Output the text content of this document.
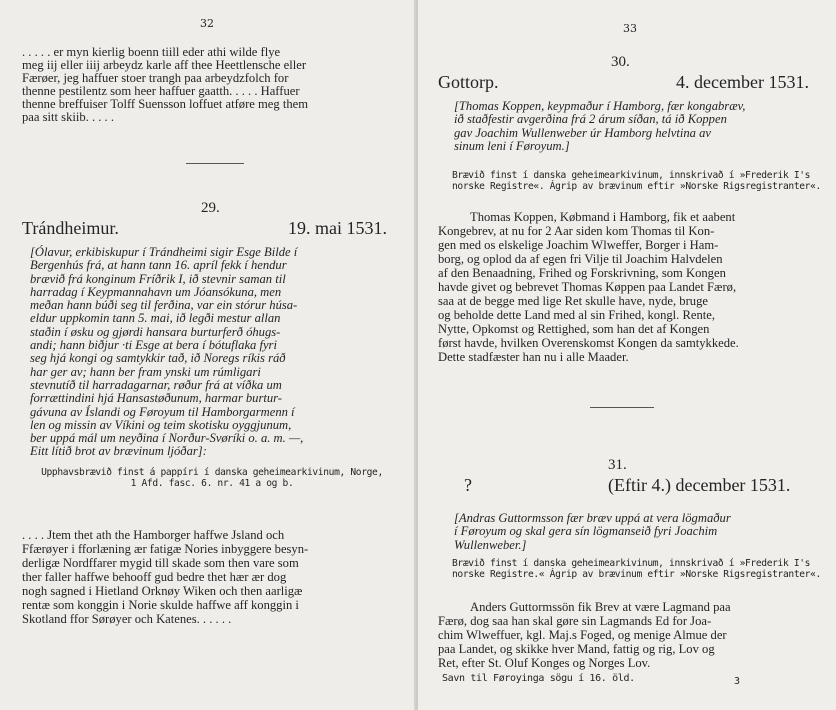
32
. . . . . er myn kierlig boenn tiill eder athi wilde flye
meg iij eller iiij arbeydz karle aff thee Heettlensche eller
Færøer, jeg haffuer stoer trangh paa arbeydzfolch for
thenne pestilentz som heer haffuer gaatth. . . . . Haffuer
thenne breffuiser Tolff Suensson loffuet atføre meg them
paa sitt skiib. . . . .
29.
Trándheimur.	19. mai 1531.
[Ólavur, erkibiskupur í Trándheimi sigir Esge Bilde í
Bergenhús frá, at hann tann 16. apríl fekk í hendur
brævið frá konginum Fríðrik I, ið stevnir saman til
harradag í Keypmannahavn um Jóansókuna, men
meðan hann búði seg til ferðina, var ein stórur húsa-
eldur uppkomin tann 5. mai, ið legði mestur allan
staðin í øsku og gjørdi hansara burturferð óhugs-
andi; hann biðjur ·ti Esge at bera í bótuflaka fyri
seg hjá kongi og samtykkir tað, ið Noregs ríkis ráð
har ger av; hann ber fram ynski um rúmligari
stevnutíð til harradagarnar, røður frá at víðka um
forrættindini hjá Hansastøðunum, harmar burtur-
gávuna av Íslandi og Føroyum til Hamborgarmenn í
len og missin av Víkini og teim skotisku oyggjunum,
ber uppá mál um neyðina í Norður-Svøríki o. a. m. —,
Eitt lítið brot av brævinum ljóðar]:
Upphavsbrævið finst á pappíri í danska geheimearkivinum, Norge,
1 Afd. fasc. 6. nr. 41 a og b.
. . . . Jtem thet ath the Hamborger haffwe Jsland och
Ffærøyer i fforlæning ær fatigæ Nories inbyggere besyn-
derligæ Nordffarer mygid till skade som then vare som
ther faller haffwe behooff gud bedre thet hær ær dog
nogh sagned i Hietland Orknøy Wiken och then aarligæ
rentæ som konggin i Norie skulde haffwe aff konggin i
Skotland ffor Sørøyer och Katenes. . . . . .
33
30.
Gottorp.	4. december 1531.
[Thomas Koppen, keypmaður í Hamborg, fær kongabræv,
ið staðfestir avgerðina frá 2 árum síðan, tá ið Koppen
gav Joachim Wullenweber úr Hamborg helvtina av
sinum leni í Føroyum.]
Brævið finst í danska geheimearkivinum, innskrivað í »Frederik I's
norske Registre«. Ágrip av brævinum eftir »Norske Rigsregistranter«.
Thomas Koppen, Købmand i Hamborg, fik et aabent
Kongebrev, at nu for 2 Aar siden kom Thomas til Kon-
gen med os elskelige Joachim Wlweffer, Borger i Ham-
borg, og oplod da af egen fri Vilje til Joachim Halvdelen
af den Benaadning, Frihed og Forskrivning, som Kongen
havde givet og bebrevet Thomas Køppen paa Landet Færø,
saa at de begge med lige Ret skulle have, nyde, bruge
og beholde dette Land med al sin Frihed, kongl. Rente,
Nytte, Opkomst og Rettighed, som han det af Kongen
først havde, hvilken Overenskomst Kongen da samtykkede.
Dette stadfæster han nu i alle Maader.
31.
?	(Eftir 4.) december 1531.
[Andras Guttormsson fær bræv uppá at vera lögmaður
í Føroyum og skal gera sín lögmanseið fyri Joachim
Wullenweber.]
Brævið finst í danska geheimearkivinum, innskrivað í »Frederik I's
norske Registre.« Ágrip av brævinum eftir »Norske Rigsregistranter«.
Anders Guttormssön fik Brev at være Lagmand paa
Færø, dog saa han skal gøre sin Lagmands Ed for Joa-
chim Wlweffuer, kgl. Maj.s Foged, og menige Almue der
paa Landet, og skikke hver Mand, fattig og rig, Lov og
Ret, efter St. Oluf Konges og Norges Lov.
Savn til Føroyinga sögu í 16. öld.	3
